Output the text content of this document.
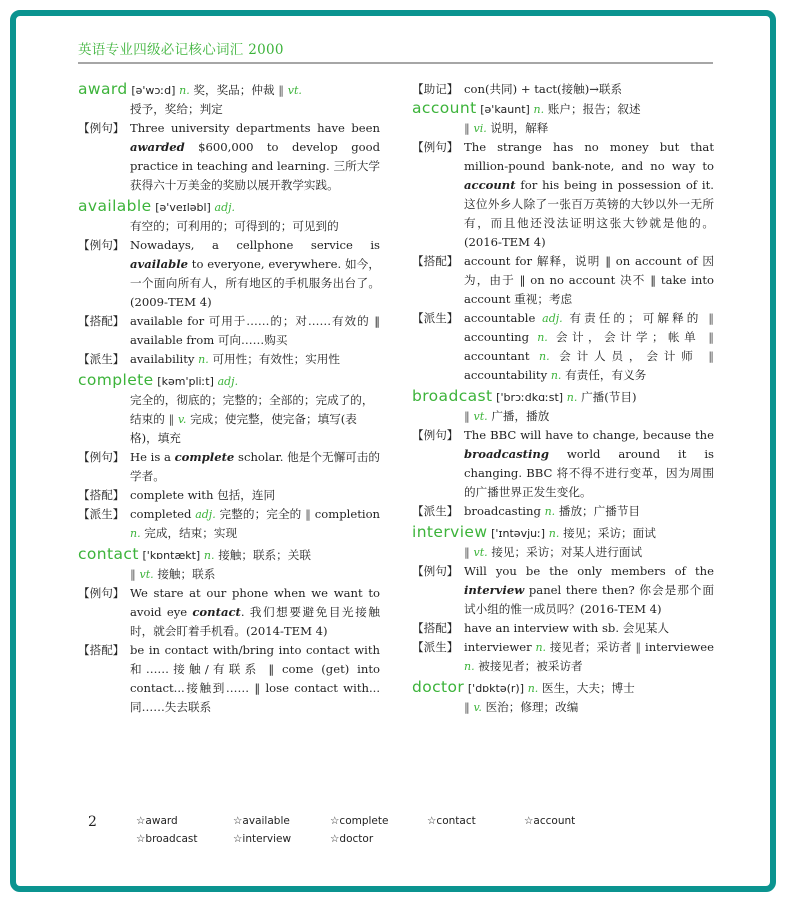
英语专业四级必记核心词汇 2000
award [ə'wɔːd] n. 奖，奖品；仲裁 ‖ vt.
授予，奖给；判定
【例句】 Three university departments have been awarded $600,000 to develop good practice in teaching and learning. 三所大学获得六十万美金的奖励以展开教学实践。
available [ə'veɪləbl] adj.
有空的；可利用的；可得到的；可见到的
【例句】 Nowadays, a cellphone service is available to everyone, everywhere. 如今，一个面向所有人，所有地区的手机服务出台了。(2009-TEM 4)
【搭配】 available for 可用于……的；对……有效的 ‖ available from 可向……购买
【派生】 availability n. 可用性；有效性；实用性
complete [kəm'pliːt] adj.
完全的，彻底的；完整的；全部的；完成了的，结束的 ‖ v. 完成；使完整，使完备；填写(表格)，填充
【例句】 He is a complete scholar. 他是个无懈可击的学者。
【搭配】 complete with 包括，连同
【派生】 completed adj. 完整的；完全的 ‖ completion n. 完成，结束；实现
contact ['kɒntækt] n. 接触；联系；关联
‖ vt. 接触；联系
【例句】 We stare at our phone when we want to avoid eye contact. 我们想要避免目光接触时，就会盯着手机看。(2014-TEM 4)
【搭配】 be in contact with/bring into contact with 和……接触/有联系 ‖ come (get) into contact...接触到…… ‖ lose contact with...同……失去联系
【助记】 con(共同) + tact(接触)→联系
account [ə'kaunt] n. 账户；报告；叙述
‖ vi. 说明，解释
【例句】 The strange has no money but that million-pound bank-note, and no way to account for his being in possession of it. 这位外乡人除了一张百万英镑的大钞以外一无所有，而且他还没法证明这张大钞就是他的。(2016-TEM 4)
【搭配】 account for 解释，说明 ‖ on account of 因为，由于 ‖ on no account 决不 ‖ take into account 重视；考虑
【派生】 accountable adj. 有责任的；可解释的 ‖ accounting n. 会计，会计学；帐单 ‖ accountant n. 会计人员，会计师 ‖ accountability n. 有责任，有义务
broadcast ['brɔːdkɑːst] n. 广播(节目)
‖ vt. 广播，播放
【例句】 The BBC will have to change, because the broadcasting world around it is changing. BBC 将不得不进行变革，因为周围的广播世界正发生变化。
【派生】 broadcasting n. 播放；广播节目
interview ['ɪntəvjuː] n. 接见；采访；面试
‖ vt. 接见；采访；对某人进行面试
【例句】 Will you be the only members of the interview panel there then? 你会是那个面试小组的惟一成员吗？(2016-TEM 4)
【搭配】 have an interview with sb. 会见某人
【派生】 interviewer n. 接见者；采访者 ‖ interviewee n. 被接见者；被采访者
doctor ['dɒktə(r)] n. 医生，大夫；博士
‖ v. 医治；修理；改编
2	☆award	☆available	☆complete	☆contact	☆account
☆broadcast	☆interview	☆doctor
